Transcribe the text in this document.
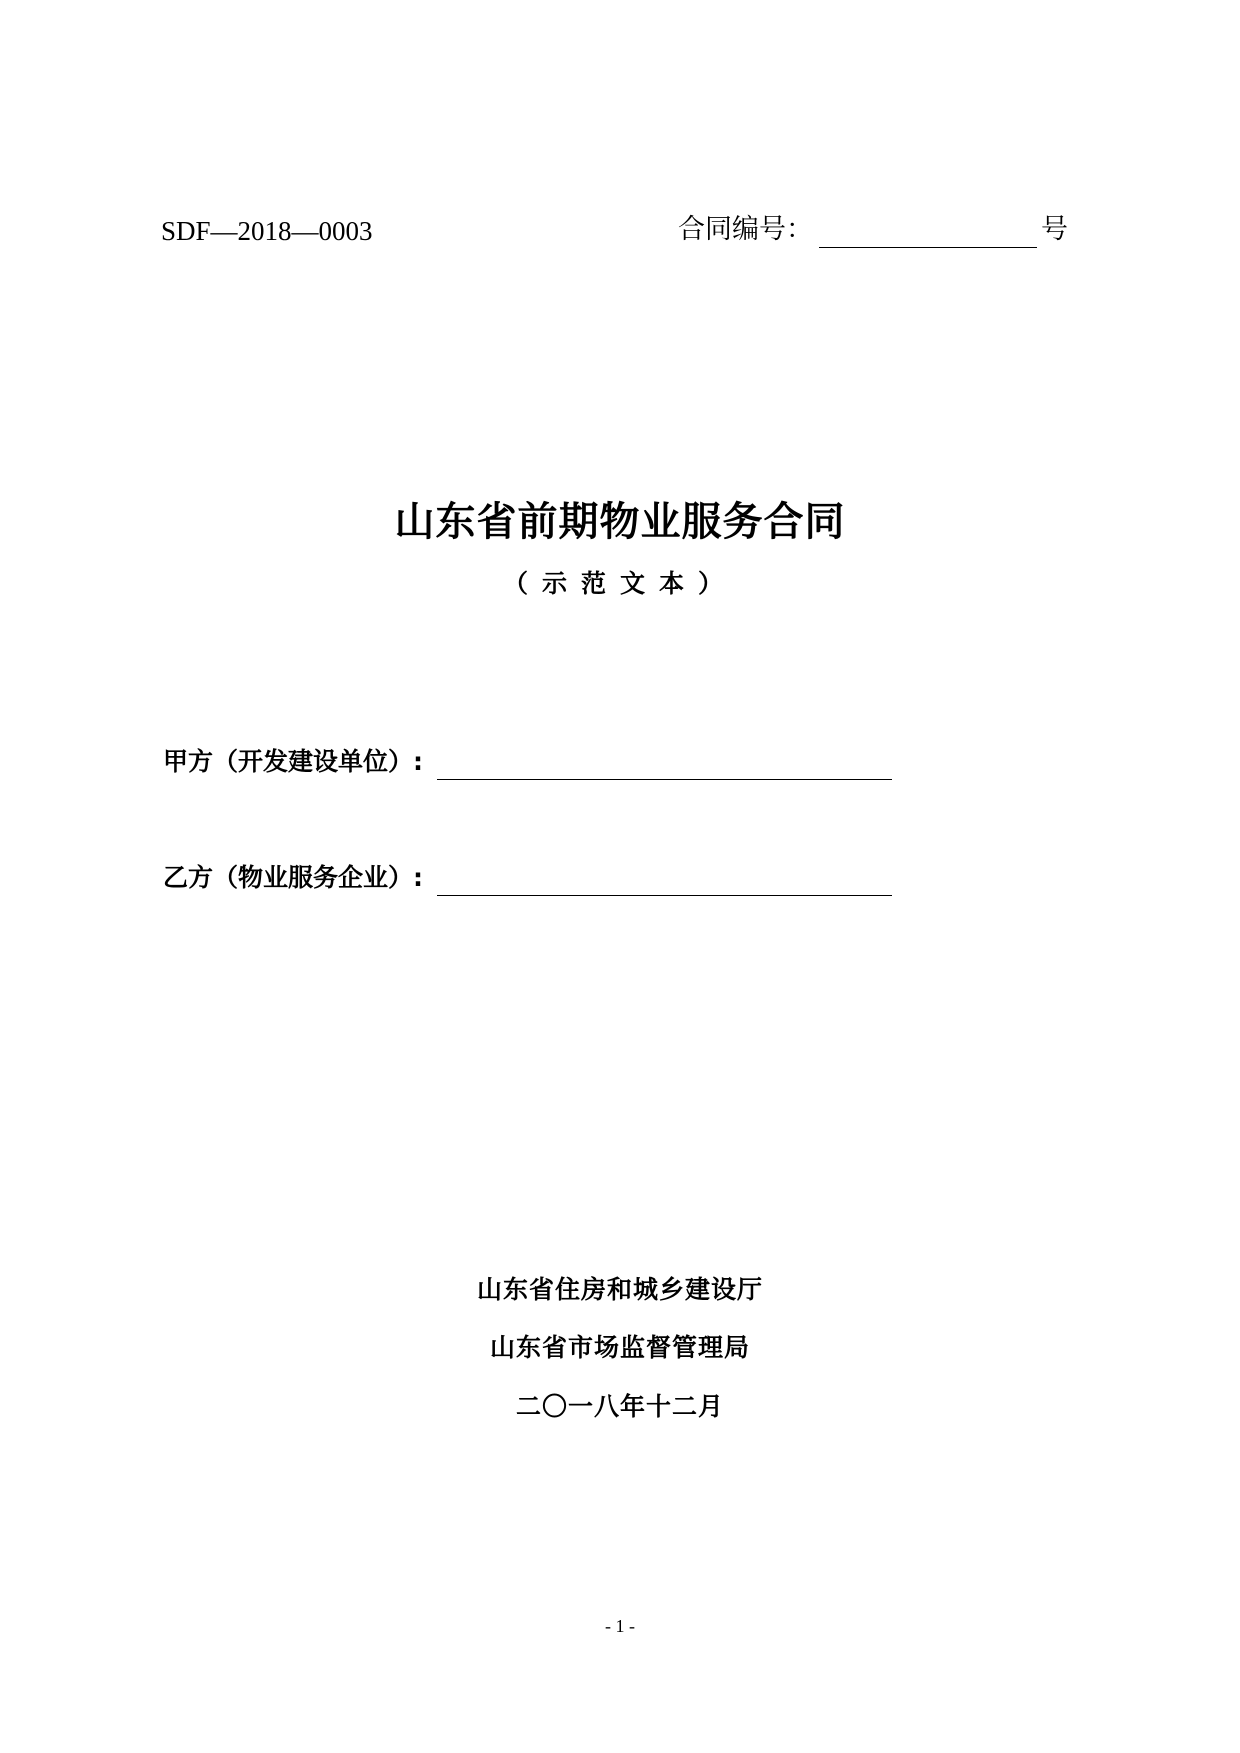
SDF—2018—0003	合同编号：	号
山东省前期物业服务合同
（示范文本）
甲方（开发建设单位）:
乙方（物业服务企业）:
山东省住房和城乡建设厅
山东省市场监督管理局
二〇一八年十二月
- 1 -
